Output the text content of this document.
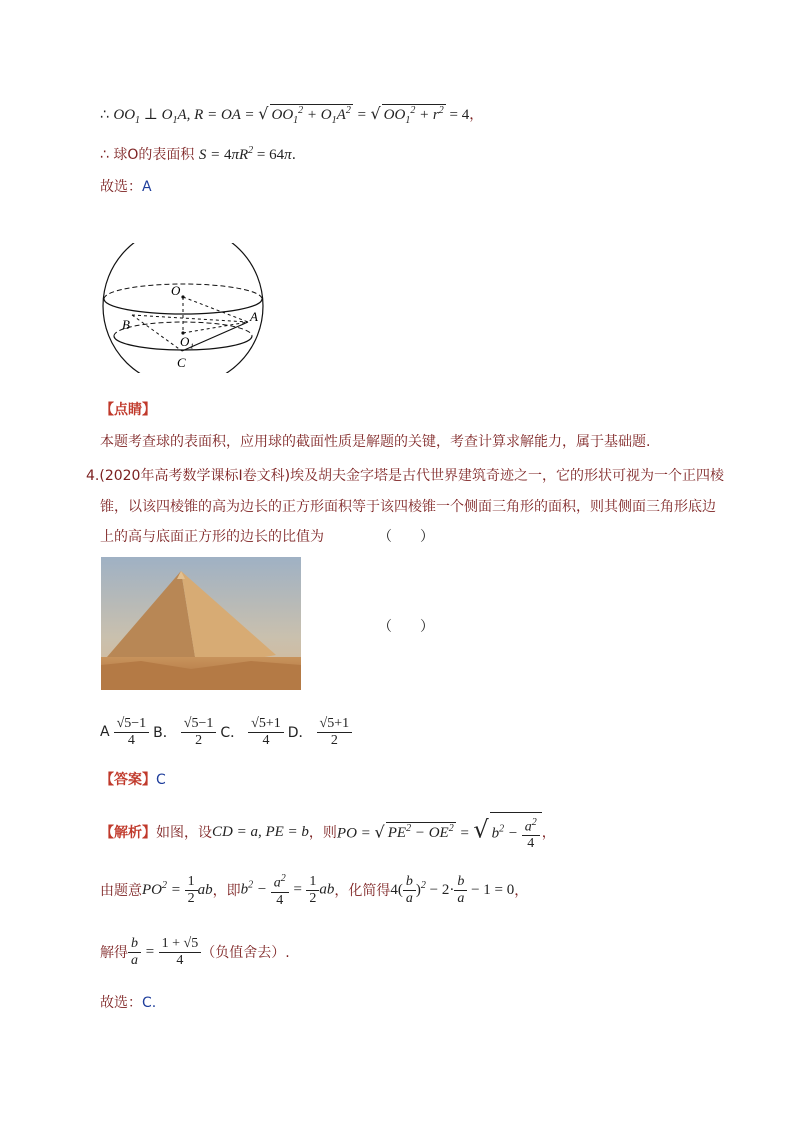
∴ $OO_1$ ⊥ $O_1A$, R = OA = √ $OO_1^2 + O_1A^2$ = √ $OO_1^2 + r^2 = 4$，
∴ 球O的表面积 $S = 4\pi R^2 = 64\pi$.
故选：A
O
B
A
O₁
C
【点睛】
本题考查球的表面积，应用球的截面性质是解题的关键，考查计算求解能力，属于基础题.
4.(2020年高考数学课标Ⅰ卷文科)埃及胡夫金字塔是古代世界建筑奇迹之一，它的形状可视为一个正四棱
锥，以该四棱锥的高为边长的正方形面积等于该四棱锥一个侧面三角形的面积，则其侧面三角形底边
上的高与底面正方形的边长的比值为	（　　）
（　　）
A $\frac{√5-1}{4}$ B． $\frac{√5-1}{2}$ C． $\frac{√5+1}{4}$ D． $\frac{√5+1}{2}$
【答案】C
【解析】 如图，设 CD = a, PE = b ，则 PO = √ $PE^2 - OE^2$ = √ $b^2 - \frac{a^2}{4}$ ，
由题意 $PO^2 = \frac{1}{2}$ ab ，即 $b^2 - \frac{a^2}{4} = \frac{1}{2}$ ab ，化简得 $4( \frac{b}{a} )^2 - 2\cdot \frac{b}{a} - 1 = 0$ ，
解得 $\frac{b}{a} = \frac{1 + √5}{4}$ （负值舍去）.
故选：C.
